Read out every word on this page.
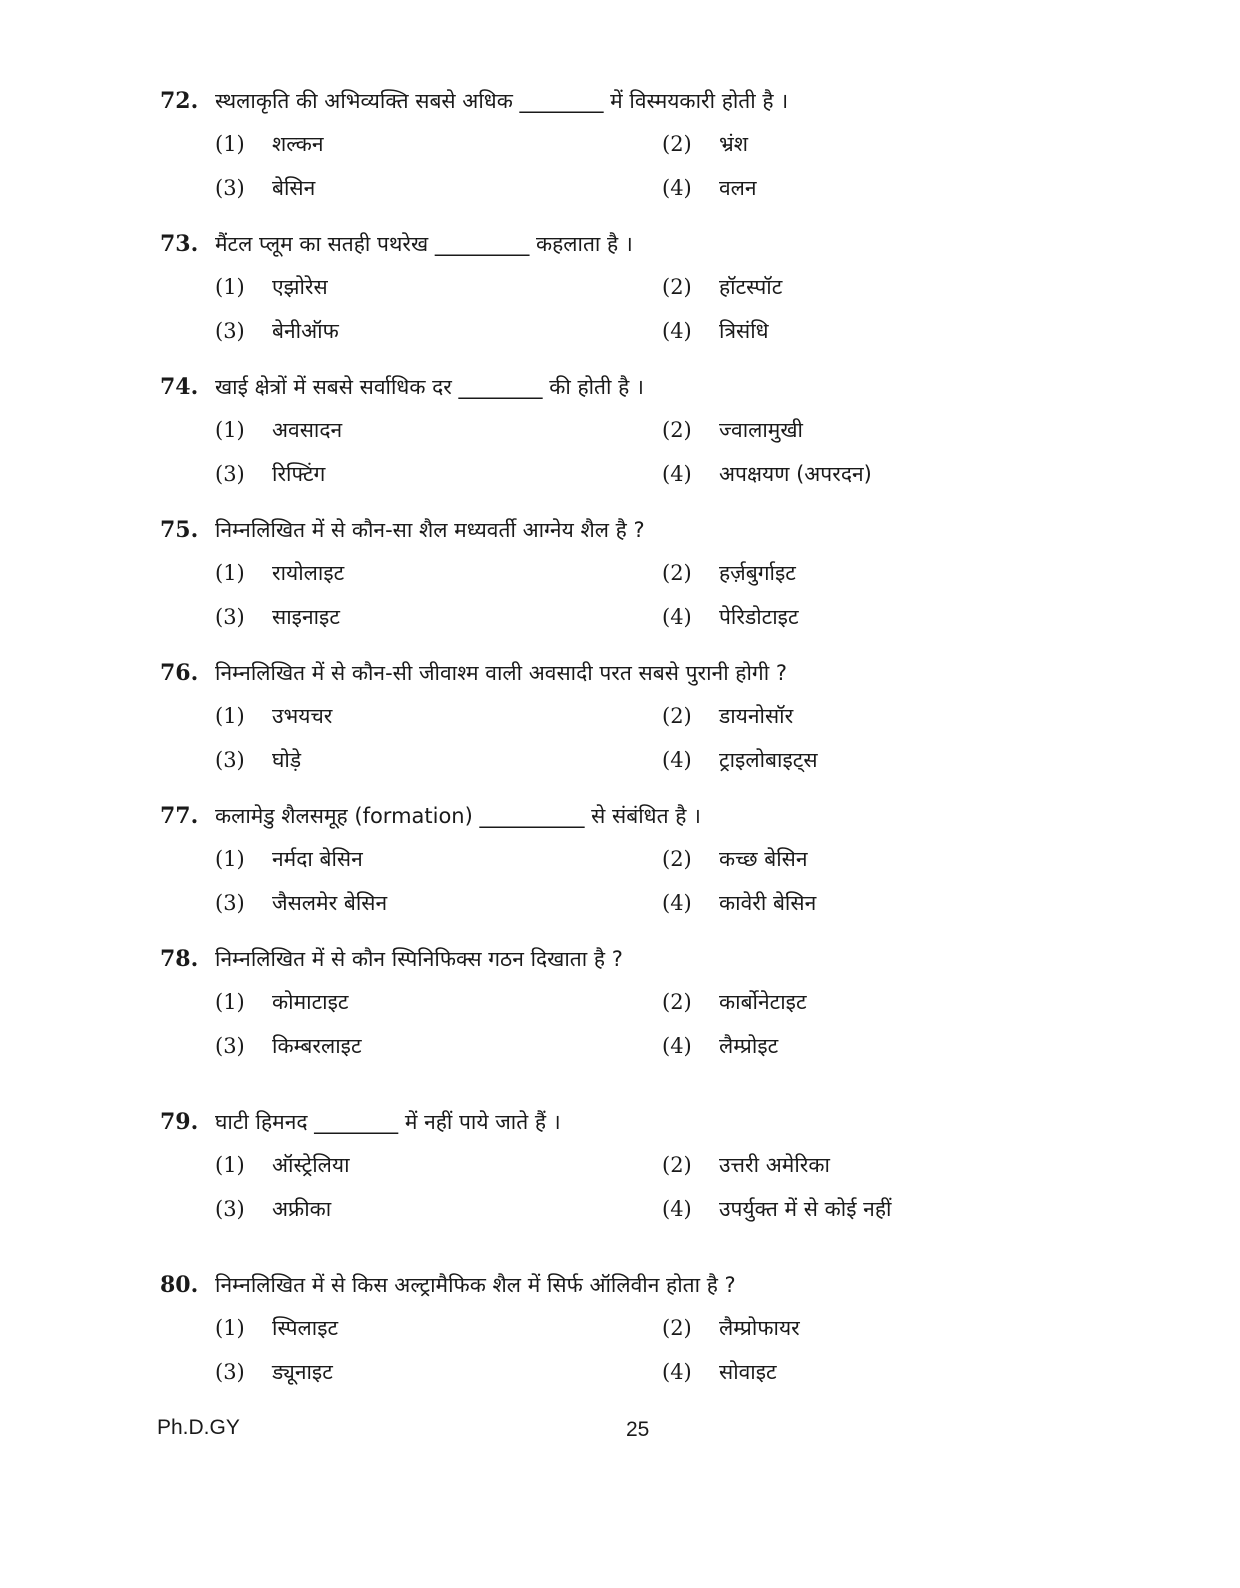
72. स्थलाकृति की अभिव्यक्ति सबसे अधिक ________ में विस्मयकारी होती है ।
(1)	शल्कन	(2)	भ्रंश
(3)	बेसिन	(4)	वलन
73. मैंटल प्लूम का सतही पथरेख _________ कहलाता है ।
(1)	एझोरेस	(2)	हॉटस्पॉट
(3)	बेनीऑफ	(4)	त्रिसंधि
74. खाई क्षेत्रों में सबसे सर्वाधिक दर ________ की होती है ।
(1)	अवसादन	(2)	ज्वालामुखी
(3)	रिफ्टिंग	(4)	अपक्षयण (अपरदन)
75. निम्नलिखित में से कौन-सा शैल मध्यवर्ती आग्नेय शैल है ?
(1)	रायोलाइट	(2)	हर्ज़बुर्गाइट
(3)	साइनाइट	(4)	पेरिडोटाइट
76. निम्नलिखित में से कौन-सी जीवाश्म वाली अवसादी परत सबसे पुरानी होगी ?
(1)	उभयचर	(2)	डायनोसॉर
(3)	घोड़े	(4)	ट्राइलोबाइट्स
77. कलामेडु शैलसमूह (formation) __________ से संबंधित है ।
(1)	नर्मदा बेसिन	(2)	कच्छ बेसिन
(3)	जैसलमेर बेसिन	(4)	कावेरी बेसिन
78. निम्नलिखित में से कौन स्पिनिफिक्स गठन दिखाता है ?
(1)	कोमाटाइट	(2)	कार्बोनेटाइट
(3)	किम्बरलाइट	(4)	लैम्प्रोइट
79. घाटी हिमनद ________ में नहीं पाये जाते हैं ।
(1)	ऑस्ट्रेलिया	(2)	उत्तरी अमेरिका
(3)	अफ्रीका	(4)	उपर्युक्त में से कोई नहीं
80. निम्नलिखित में से किस अल्ट्रामैफिक शैल में सिर्फ ऑलिवीन होता है ?
(1)	स्पिलाइट	(2)	लैम्प्रोफायर
(3)	ड्यूनाइट	(4)	सोवाइट
Ph.D.GY	25
